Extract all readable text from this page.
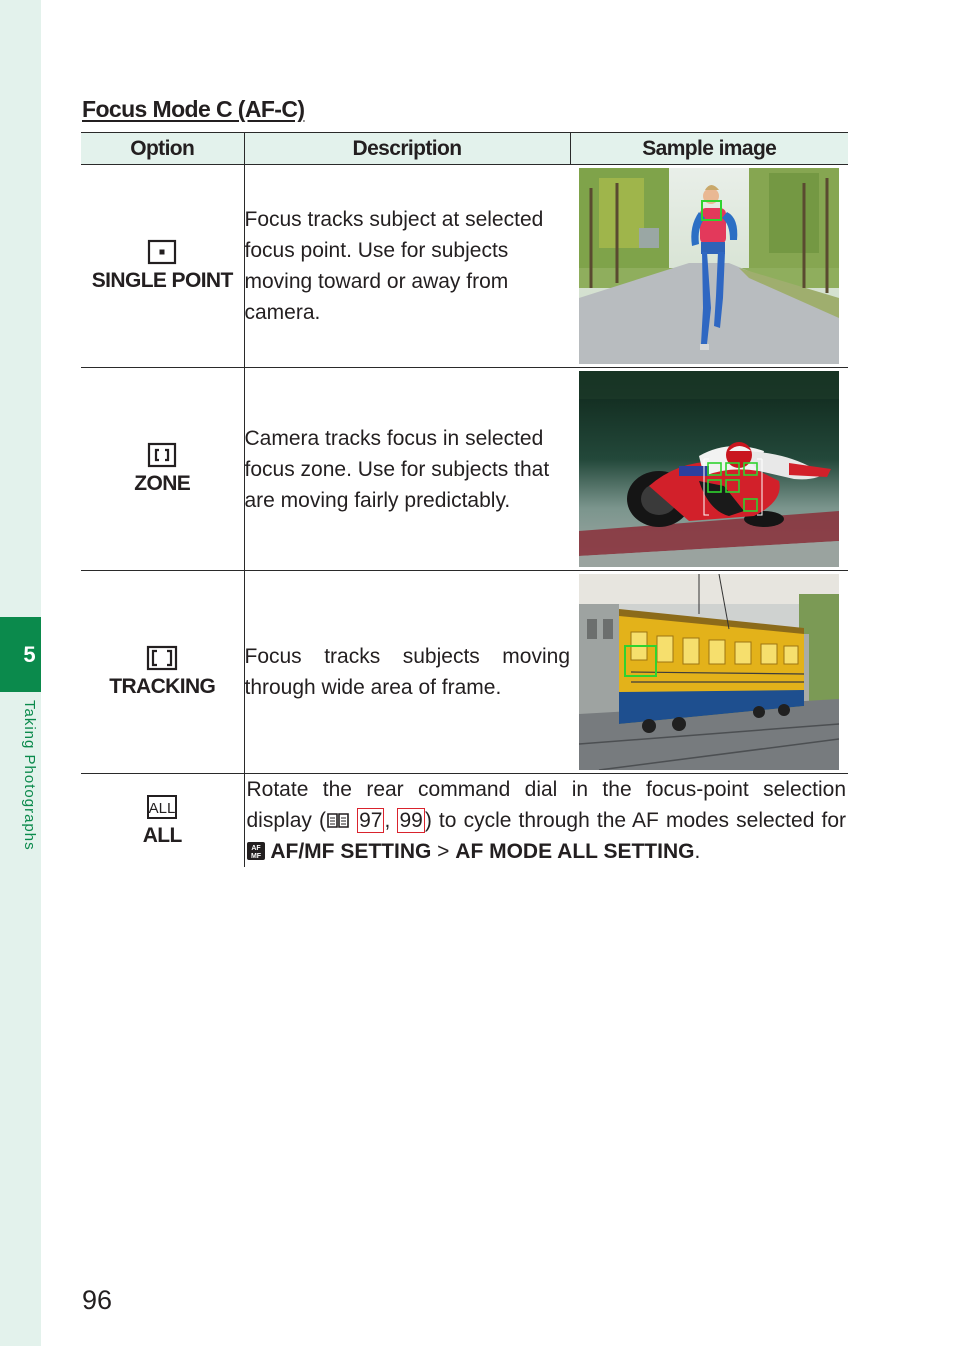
5
Taking Photographs
Focus Mode C (AF-C)
Option	Description	Sample image

SINGLE POINT	Focus tracks subject at selected focus point. Use for subjects moving toward or away from camera.	

ZONE	Camera tracks focus in selected focus zone. Use for subjects that are moving fairly predictably.	

TRACKING	Focus tracks subjects moving through wide area of frame.	

ALL
ALL	Rotate the rear command dial in the focus-point selection display ( 97, 99) to cycle through the AF modes selected for
AF
MF AF/MF SETTING > AF MODE ALL SETTING.	
96
